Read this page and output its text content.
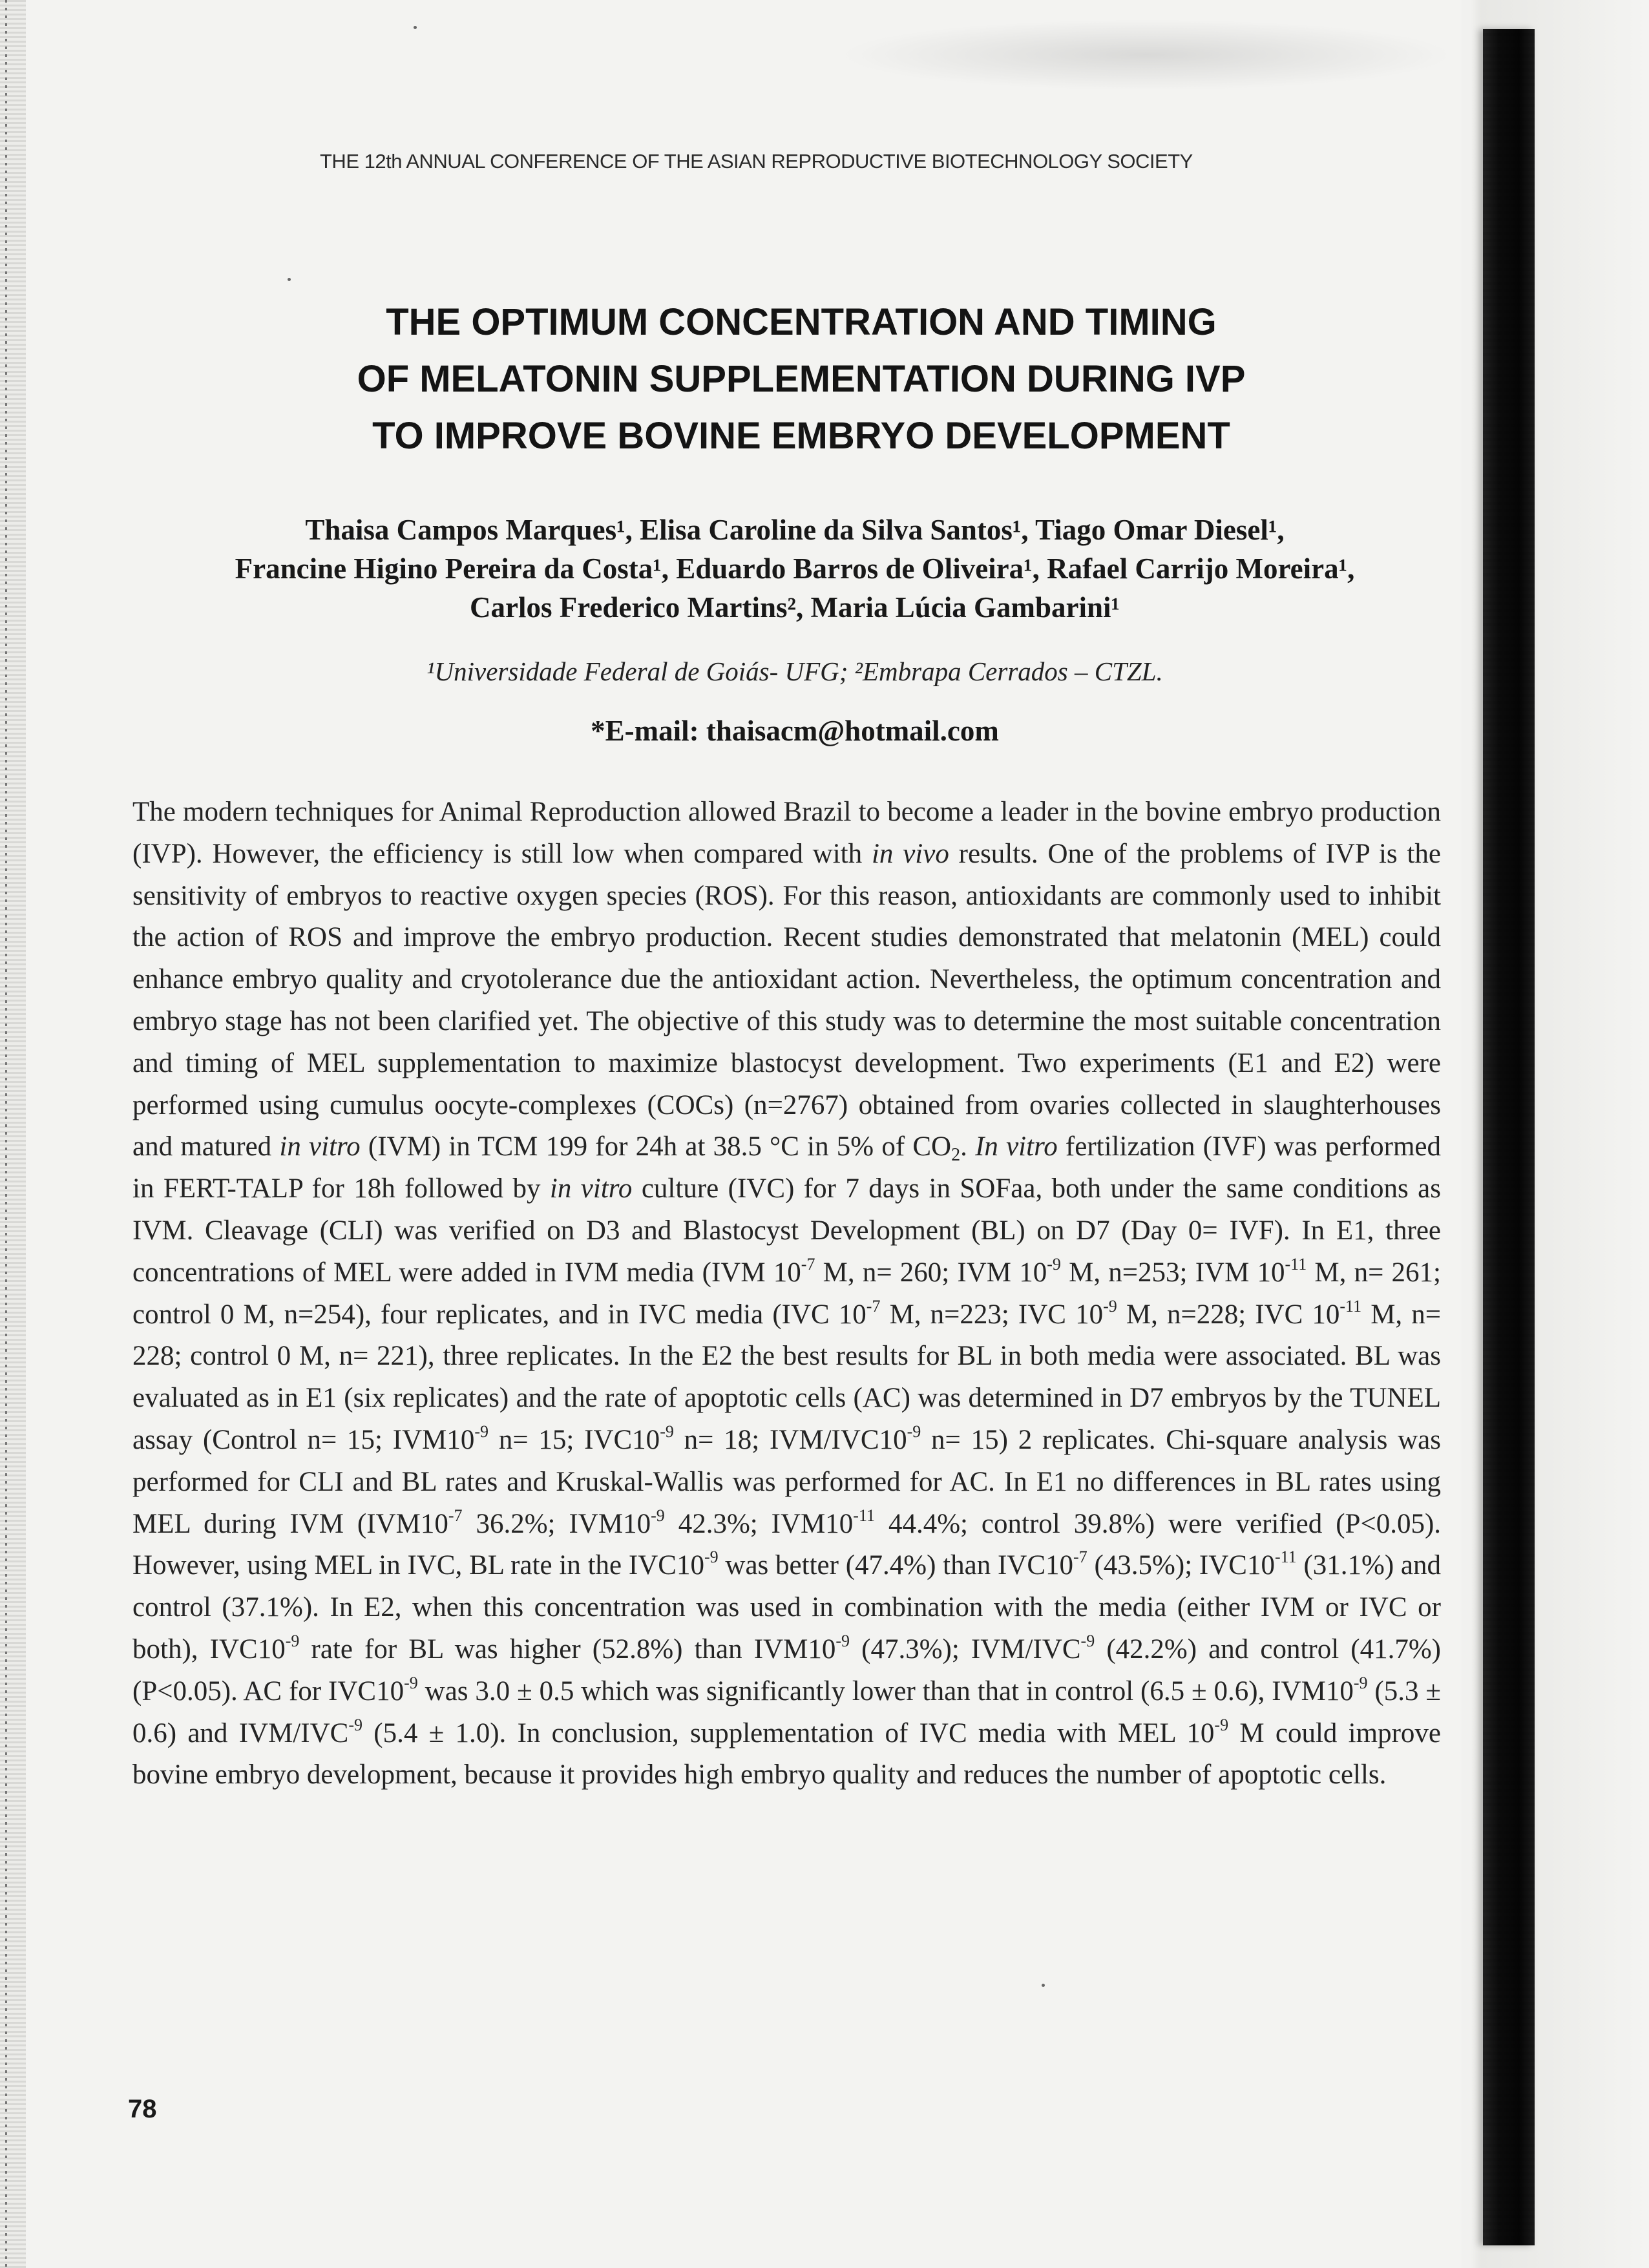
THE 12th ANNUAL CONFERENCE OF THE ASIAN REPRODUCTIVE BIOTECHNOLOGY SOCIETY
THE OPTIMUM CONCENTRATION AND TIMING
OF MELATONIN SUPPLEMENTATION DURING IVP
TO IMPROVE BOVINE EMBRYO DEVELOPMENT
Thaisa Campos Marques¹, Elisa Caroline da Silva Santos¹, Tiago Omar Diesel¹,
Francine Higino Pereira da Costa¹, Eduardo Barros de Oliveira¹, Rafael Carrijo Moreira¹,
Carlos Frederico Martins², Maria Lúcia Gambarini¹
¹Universidade Federal de Goiás- UFG; ²Embrapa Cerrados – CTZL.
*E-mail: thaisacm@hotmail.com

The modern techniques for Animal Reproduction allowed Brazil to become a leader in the bovine embryo production (IVP). However, the efficiency is still low when compared with in vivo results. One of the problems of IVP is the sensitivity of embryos to reactive oxygen species (ROS). For this reason, antioxidants are commonly used to inhibit the action of ROS and improve the embryo production. Recent studies demonstrated that melatonin (MEL) could enhance embryo quality and cryotolerance due the antioxidant action. Nevertheless, the optimum concentration and embryo stage has not been clarified yet. The objective of this study was to determine the most suitable concentration and timing of MEL supplementation to maximize blastocyst development. Two experiments (E1 and E2) were performed using cumulus oocyte-complexes (COCs) (n=2767) obtained from ovaries collected in slaughterhouses and matured in vitro (IVM) in TCM 199 for 24h at 38.5 °C in 5% of $CO_2$. In vitro fertilization (IVF) was performed in FERT-TALP for 18h followed by in vitro culture (IVC) for 7 days in SOFaa, both under the same conditions as IVM. Cleavage (CLI) was verified on D3 and Blastocyst Development (BL) on D7 (Day 0= IVF). In E1, three concentrations of MEL were added in IVM media (IVM $10^{-7}$ M, n= 260; IVM $10^{-9}$ M, n=253; IVM $10^{-11}$ M, n= 261; control 0 M, n=254), four replicates, and in IVC media (IVC $10^{-7}$ M, n=223; IVC $10^{-9}$ M, n=228; IVC $10^{-11}$ M, n= 228; control 0 M, n= 221), three replicates. In the E2 the best results for BL in both media were associated. BL was evaluated as in E1 (six replicates) and the rate of apoptotic cells (AC) was determined in D7 embryos by the TUNEL assay (Control n= 15; $IVM10^{-9}$ n= 15; $IVC10^{-9}$ n= 18; IVM/$IVC10^{-9}$ n= 15) 2 replicates. Chi-square analysis was performed for CLI and BL rates and Kruskal-Wallis was performed for AC. In E1 no differences in BL rates using MEL during IVM ($IVM10^{-7}$ 36.2%; $IVM10^{-9}$ 42.3%; $IVM10^{-11}$ 44.4%; control 39.8%) were verified (P<0.05). However, using MEL in IVC, BL rate in the $IVC10^{-9}$ was better (47.4%) than $IVC10^{-7}$ (43.5%); $IVC10^{-11}$ (31.1%) and control (37.1%). In E2, when this concentration was used in combination with the media (either IVM or IVC or both), $IVC10^{-9}$ rate for BL was higher (52.8%) than $IVM10^{-9}$ (47.3%); IVM/$IVC^{-9}$ (42.2%) and control (41.7%) (P<0.05). AC for $IVC10^{-9}$ was 3.0 ± 0.5 which was significantly lower than that in control (6.5 ± 0.6), $IVM10^{-9}$ (5.3 ± 0.6) and IVM/$IVC^{-9}$ (5.4 ± 1.0). In conclusion, supplementation of IVC media with MEL $10^{-9}$ M could improve bovine embryo development, because it provides high embryo quality and reduces the number of apoptotic cells.

78
